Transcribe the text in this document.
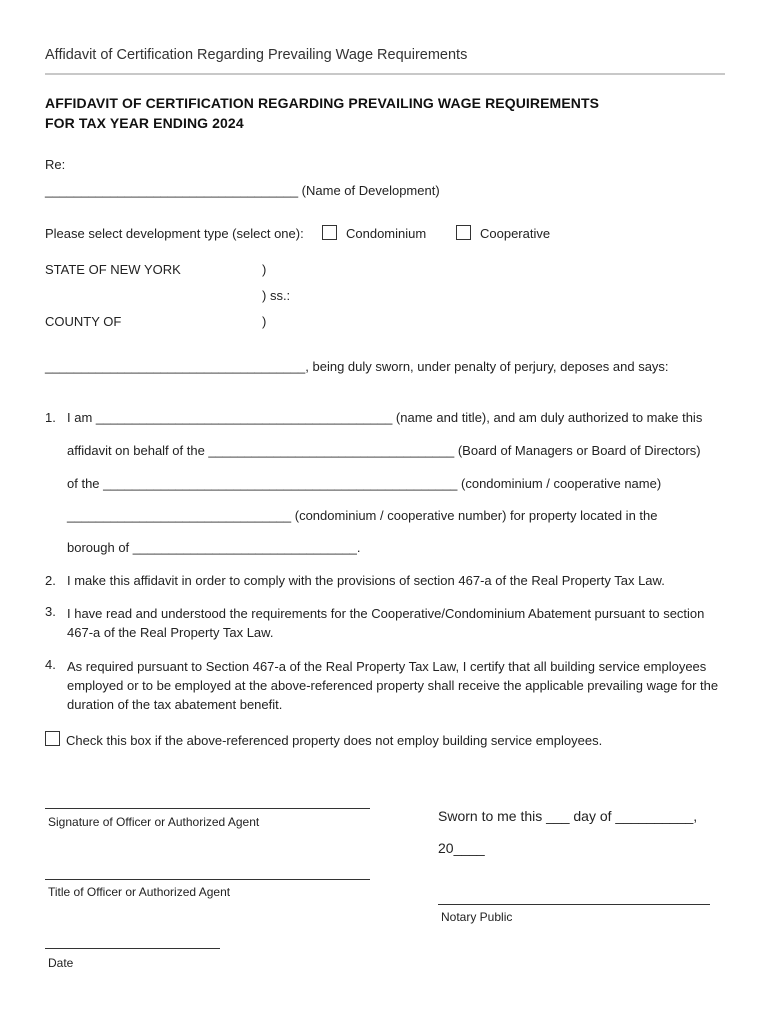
Affidavit of Certification Regarding Prevailing Wage Requirements
AFFIDAVIT OF CERTIFICATION REGARDING PREVAILING WAGE REQUIREMENTS
FOR TAX YEAR ENDING 2024
Re:
___________________________________ (Name of Development)
Please select development type (select one):	Condominium	Cooperative
STATE OF NEW YORK	)
) ss.:
COUNTY OF	)
____________________________________, being duly sworn, under penalty of perjury, deposes and says:
1. I am _________________________________________ (name and title), and am duly authorized to make this
affidavit on behalf of the __________________________________ (Board of Managers or Board of Directors)
of the _________________________________________________ (condominium / cooperative name)
_______________________________ (condominium / cooperative number) for property located in the
borough of _______________________________.
2. I make this affidavit in order to comply with the provisions of section 467-a of the Real Property Tax Law.
3. I have read and understood the requirements for the Cooperative/Condominium Abatement pursuant to section 467-a of the Real Property Tax Law.
4. As required pursuant to Section 467-a of the Real Property Tax Law, I certify that all building service employees employed or to be employed at the above-referenced property shall receive the applicable prevailing wage for the duration of the tax abatement benefit.
Check this box if the above-referenced property does not employ building service employees.
Signature of Officer or Authorized Agent	Sworn to me this ___ day of __________,
20____
Title of Officer or Authorized Agent
Notary Public
Date
